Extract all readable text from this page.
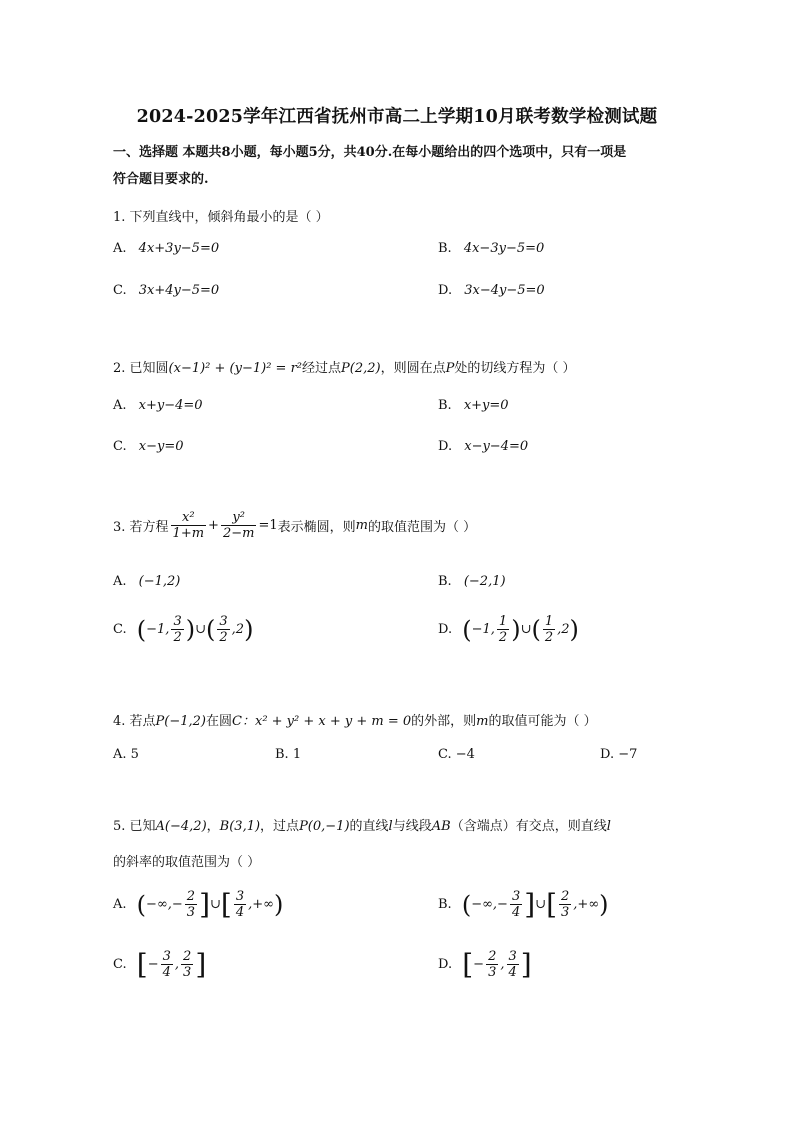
2024-2025学年江西省抚州市高二上学期10月联考数学检测试题
一、选择题 本题共8小题，每小题5分，共40分.在每小题给出的四个选项中，只有一项是
符合题目要求的.
1. 下列直线中，倾斜角最小的是（ ）
A. 4x+3y−5=0	B. 4x−3y−5=0
C. 3x+4y−5=0	D. 3x−4y−5=0
2. 已知圆(x−1)² + (y−1)² = r²经过点P(2,2)，则圆在点P处的切线方程为（ ）
A. x+y−4=0	B. x+y=0
C. x−y=0	D. x−y−4=0
3. 若方程 $\frac{\text{x²}}{1+m} + \frac{\text{y²}}{2-m} =1$表示椭圆，则m的取值范围为（ ）
A. (−1,2)	B. (−2,1)
C. (−1, $\frac{3}{2}$ )∪( $\frac{3}{2} ,2$)	D. (−1, $\frac{1}{2}$ )∪( $\frac{1}{2} ,2$)
4. 若点P(−1,2)在圆C：x² + y² + x + y + m = 0的外部，则m的取值可能为（ ）
A. 5	B. 1	C. −4	D. −7
5. 已知A(−4,2)，B(3,1)，过点P(0,−1)的直线l与线段AB（含端点）有交点，则直线l
的斜率的取值范围为（ ）
A. (−∞,− $\frac{2}{3}$ ]∪[ $\frac{3}{4}$ ,+∞)	B. (−∞,− $\frac{3}{4}$ ]∪[ $\frac{2}{3}$ ,+∞)
C. [− $\frac{3}{4}$ , $\frac{2}{3}$ ]	D. [− $\frac{2}{3}$ , $\frac{3}{4}$ ]
